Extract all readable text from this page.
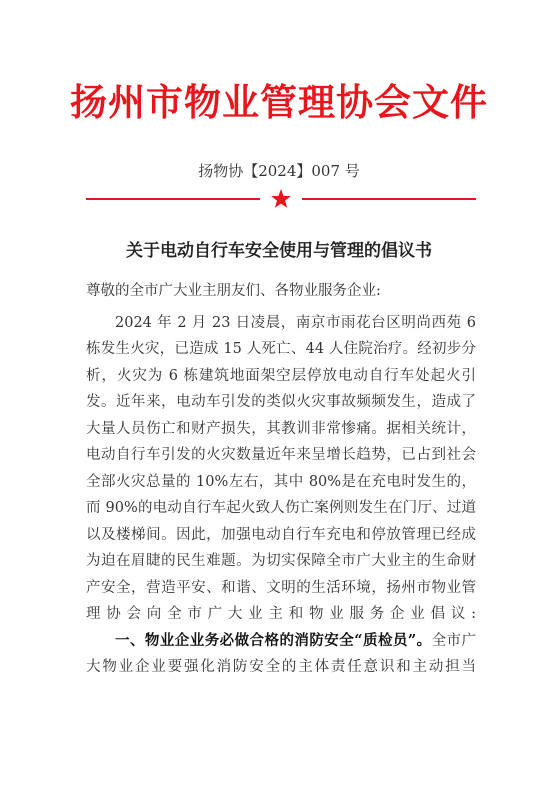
扬州市物业管理协会文件
扬物协【2024】007 号
关于电动自行车安全使用与管理的倡议书

尊敬的全市广大业主朋友们、各物业服务企业:

2024 年 2 月 23 日凌晨，南京市雨花台区明尚西苑 6 栋发生火灾，已造成 15 人死亡、44 人住院治疗。经初步分析，火灾为 6 栋建筑地面架空层停放电动自行车处起火引发。近年来，电动车引发的类似火灾事故频频发生，造成了大量人员伤亡和财产损失，其教训非常惨痛。据相关统计，电动自行车引发的火灾数量近年来呈增长趋势，已占到社会全部火灾总量的 10%左右，其中 80%是在充电时发生的，而 90%的电动自行车起火致人伤亡案例则发生在门厅、过道以及楼梯间。因此，加强电动自行车充电和停放管理已经成为迫在眉睫的民生难题。为切实保障全市广大业主的生命财产安全，营造平安、和谐、文明的生活环境，扬州市物业管理协会向全市广大业主和物业服务企业倡议:

一、物业企业务必做合格的消防安全“质检员”。全市广大物业企业要强化消防安全的主体责任意识和主动担当
